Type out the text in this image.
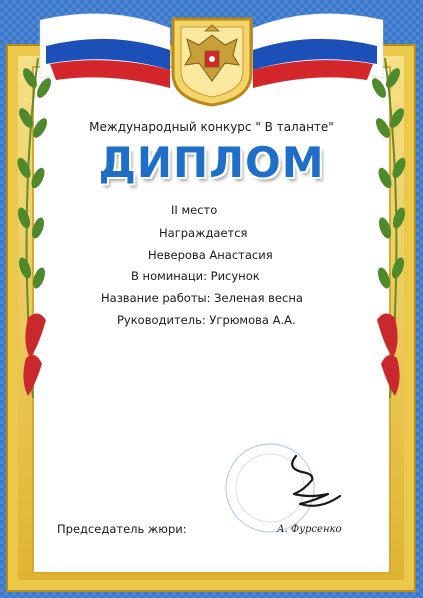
Международный конкурс " В таланте"
ДИПЛОМ
II место
Награждается
Неверова Анастасия
В номинаци: Рисунок
Название работы: Зеленая весна
Руководитель: Угрюмова А.А.
Председатель жюри:	А. Фурсенко
